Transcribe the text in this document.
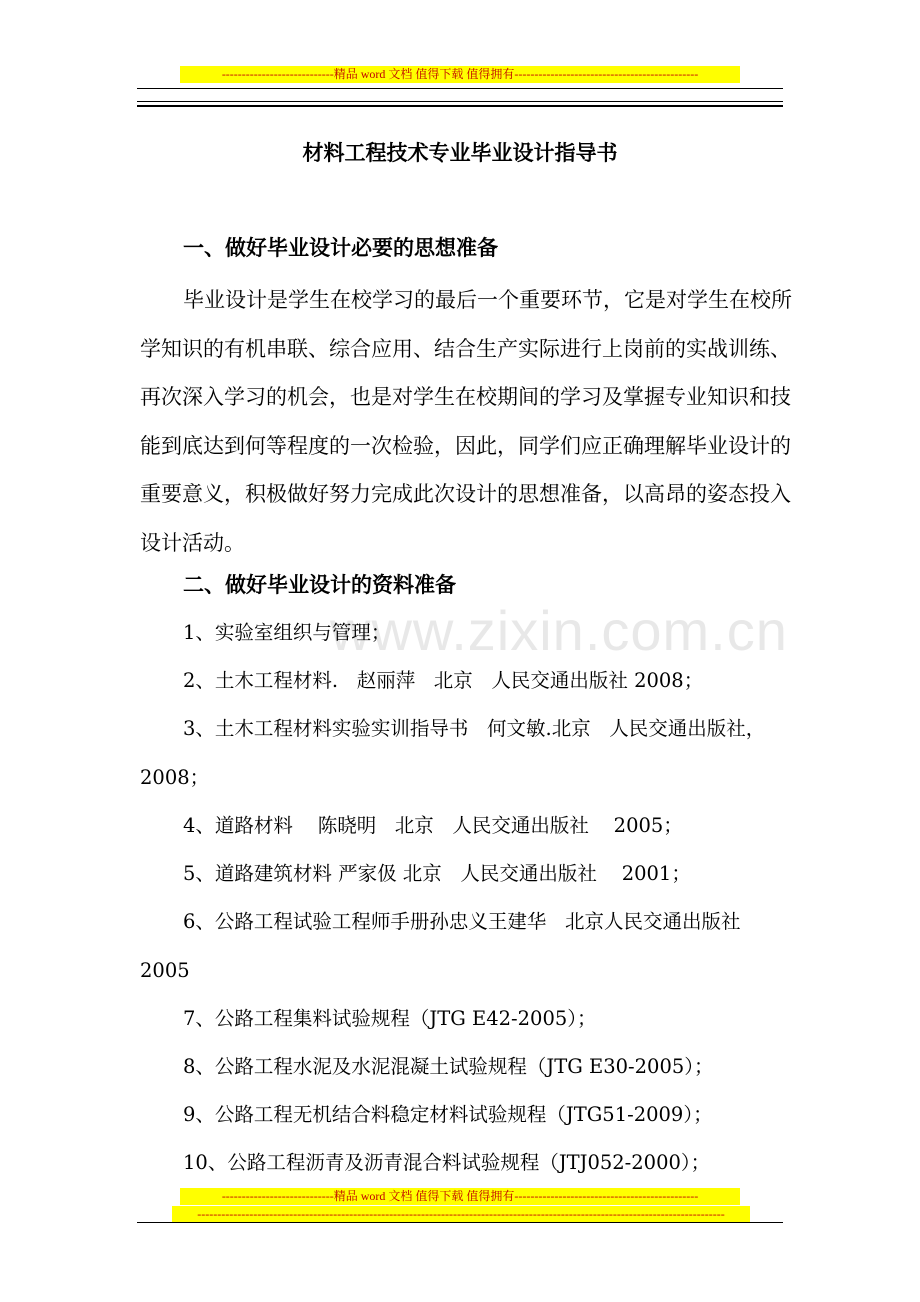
----------------------------精品 word 文档 值得下载 值得拥有----------------------------------------------
材料工程技术专业毕业设计指导书
一、做好毕业设计必要的思想准备
毕业设计是学生在校学习的最后一个重要环节，它是对学生在校所学知识的有机串联、综合应用、结合生产实际进行上岗前的实战训练、再次深入学习的机会，也是对学生在校期间的学习及掌握专业知识和技能到底达到何等程度的一次检验，因此，同学们应正确理解毕业设计的重要意义，积极做好努力完成此次设计的思想准备，以高昂的姿态投入设计活动。
二、做好毕业设计的资料准备
www.zixin.com.cn
1、实验室组织与管理；
2、土木工程材料.   赵丽萍   北京   人民交通出版社 2008；
3、土木工程材料实验实训指导书   何文敏.北京   人民交通出版社，2008；
4、道路材料    陈晓明   北京   人民交通出版社    2005；
5、道路建筑材料 严家伋 北京   人民交通出版社    2001；
6、公路工程试验工程师手册孙忠义王建华   北京人民交通出版社  2005
7、公路工程集料试验规程（JTG E42-2005）；
8、公路工程水泥及水泥混凝土试验规程（JTG E30-2005）；
9、公路工程无机结合料稳定材料试验规程（JTG51-2009）；
10、公路工程沥青及沥青混合料试验规程（JTJ052-2000）；
----------------------------精品 word 文档 值得下载 值得拥有----------------------------------------------
------------------------------------------------------------------------------------------------------------------------------------
